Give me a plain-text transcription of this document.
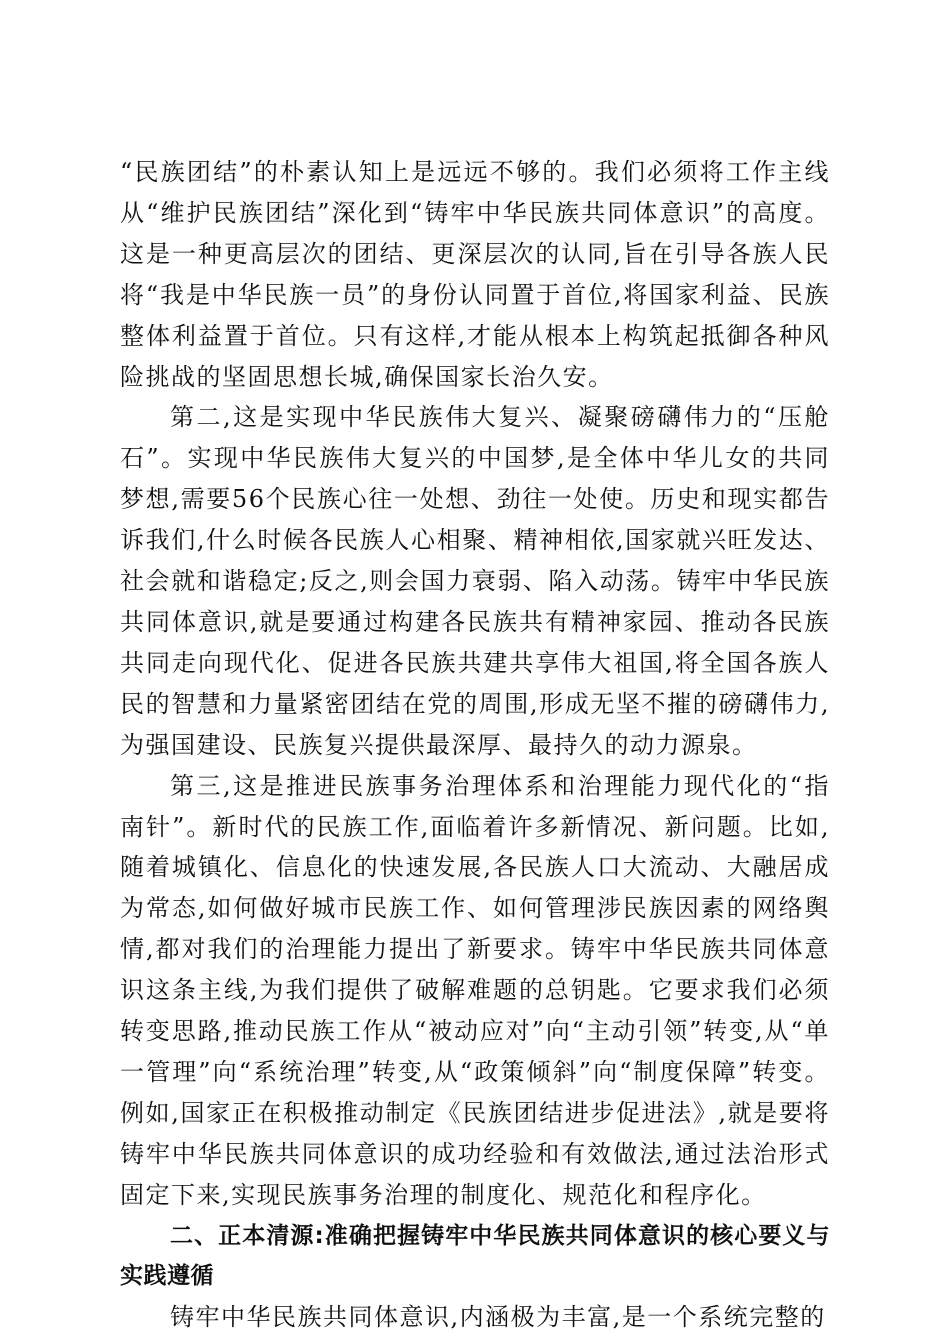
“民族团结”的朴素认知上是远远不够的。我们必须将工作主线从“维护民族团结”深化到“铸牢中华民族共同体意识”的高度。这是一种更高层次的团结、更深层次的认同,旨在引导各族人民将“我是中华民族一员”的身份认同置于首位,将国家利益、民族整体利益置于首位。只有这样,才能从根本上构筑起抵御各种风险挑战的坚固思想长城,确保国家长治久安。

第二,这是实现中华民族伟大复兴、凝聚磅礴伟力的“压舱石”。实现中华民族伟大复兴的中国梦,是全体中华儿女的共同梦想,需要56个民族心往一处想、劲往一处使。历史和现实都告诉我们,什么时候各民族人心相聚、精神相依,国家就兴旺发达、社会就和谐稳定;反之,则会国力衰弱、陷入动荡。铸牢中华民族共同体意识,就是要通过构建各民族共有精神家园、推动各民族共同走向现代化、促进各民族共建共享伟大祖国,将全国各族人民的智慧和力量紧密团结在党的周围,形成无坚不摧的磅礴伟力,为强国建设、民族复兴提供最深厚、最持久的动力源泉。

第三,这是推进民族事务治理体系和治理能力现代化的“指南针”。新时代的民族工作,面临着许多新情况、新问题。比如,随着城镇化、信息化的快速发展,各民族人口大流动、大融居成为常态,如何做好城市民族工作、如何管理涉民族因素的网络舆情,都对我们的治理能力提出了新要求。铸牢中华民族共同体意识这条主线,为我们提供了破解难题的总钥匙。它要求我们必须转变思路,推动民族工作从“被动应对”向“主动引领”转变,从“单一管理”向“系统治理”转变,从“政策倾斜”向“制度保障”转变。例如,国家正在积极推动制定《民族团结进步促进法》,就是要将铸牢中华民族共同体意识的成功经验和有效做法,通过法治形式固定下来,实现民族事务治理的制度化、规范化和程序化。

二、正本清源:准确把握铸牢中华民族共同体意识的核心要义与实践遵循

铸牢中华民族共同体意识,内涵极为丰富,是一个系统完整的
